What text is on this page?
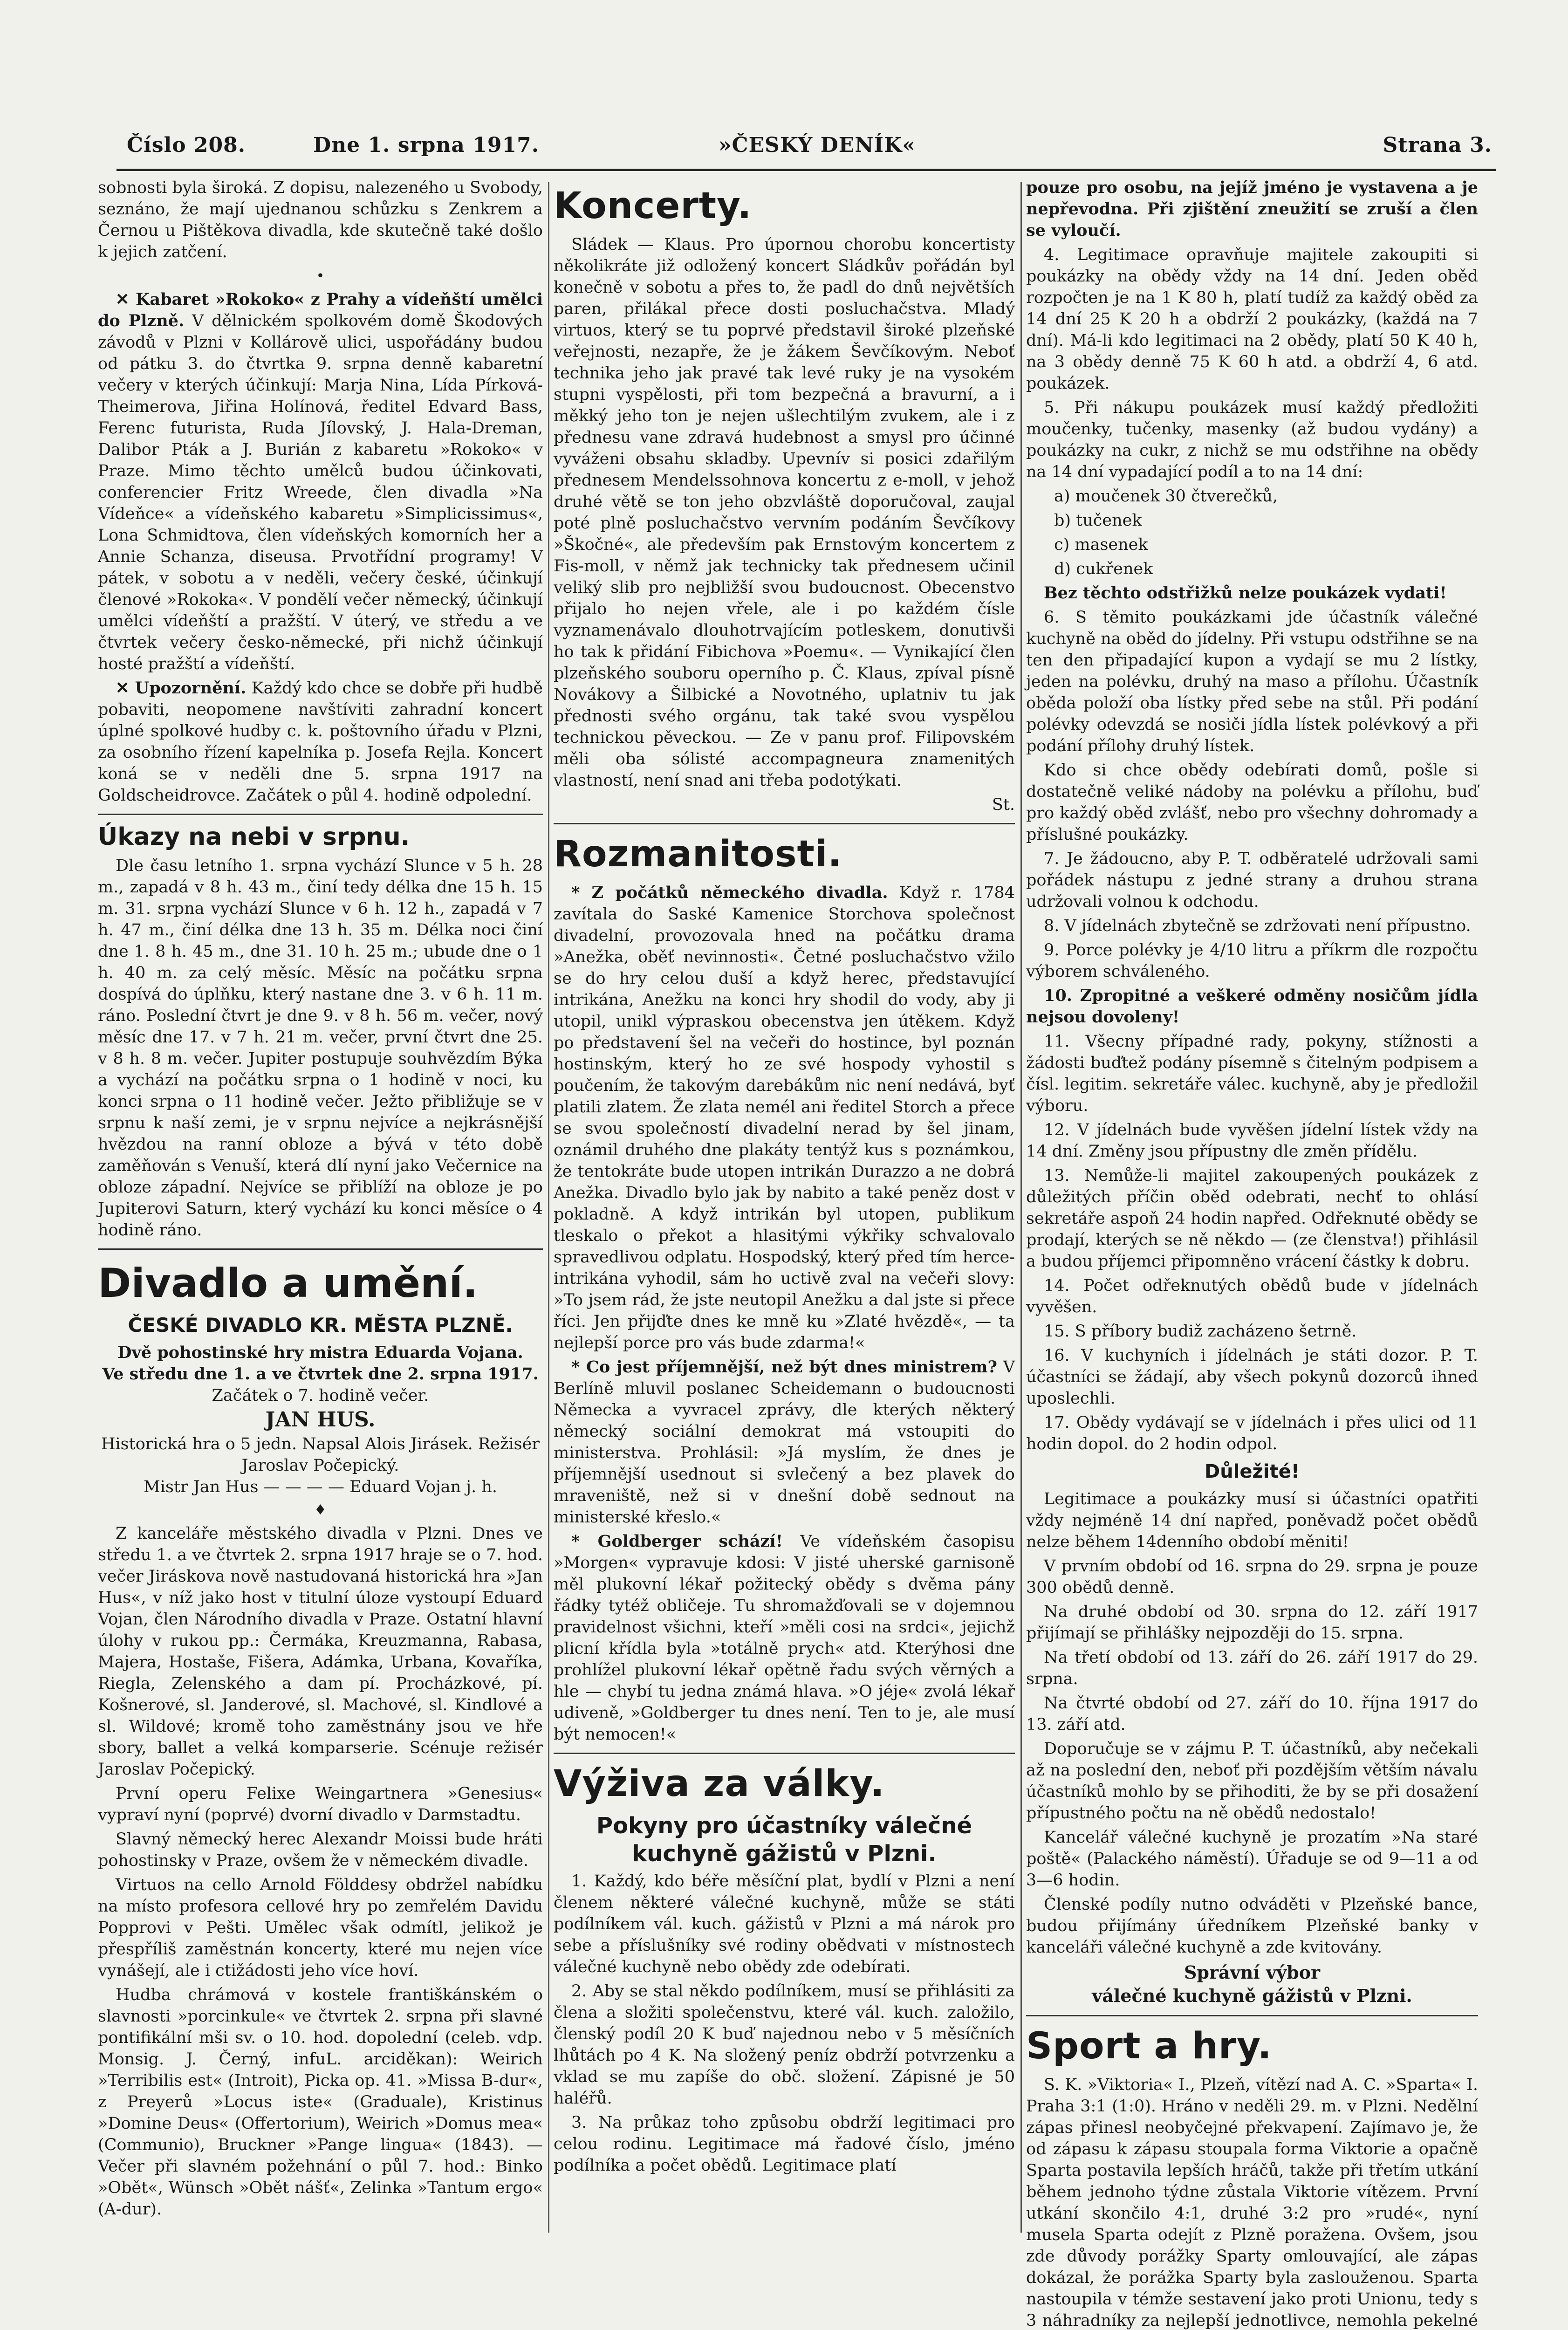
Číslo 208.	Dne 1. srpna 1917.	»ČESKÝ DENÍK«	Strana 3.

sobnosti byla široká. Z dopisu, nalezeného u Svobody, seznáno, že mají ujednanou schůzku s Zenkrem a Černou u Pištěkova divadla, kde skutečně také došlo k jejich zatčení.

•

✕ Kabaret »Rokoko« z Prahy a vídeňští umělci do Plzně. V dělnickém spolkovém domě Škodových závodů v Plzni v Kollárově ulici, uspořádány budou od pátku 3. do čtvrtka 9. srpna denně kabaretní večery v kterých účinkují: Marja Nina, Lída Pírková-Theimerova, Jiřina Holínová, ředitel Edvard Bass, Ferenc futurista, Ruda Jílovský, J. Hala-Dreman, Dalibor Pták a J. Burián z kabaretu »Rokoko« v Praze. Mimo těchto umělců budou účinkovati, conferencier Fritz Wreede, člen divadla »Na Vídeňce« a vídeňského kabaretu »Simplicissimus«, Lona Schmidtova, člen vídeňských komorních her a Annie Schanza, diseusa. Prvotřídní programy! V pátek, v sobotu a v neděli, večery české, účinkují členové »Rokoka«. V pondělí večer německý, účinkují umělci vídeňští a pražští. V úterý, ve středu a ve čtvrtek večery česko-německé, při nichž účinkují hosté pražští a vídeňští.

✕ Upozornění. Každý kdo chce se dobře při hudbě pobaviti, neopomene navštíviti zahradní koncert úplné spolkové hudby c. k. poštovního úřadu v Plzni, za osobního řízení kapelníka p. Josefa Rejla. Koncert koná se v neděli dne 5. srpna 1917 na Goldscheidrovce. Začátek o půl 4. hodině odpolední.

Úkazy na nebi v srpnu.

Dle času letního 1. srpna vychází Slunce v 5 h. 28 m., zapadá v 8 h. 43 m., činí tedy délka dne 15 h. 15 m. 31. srpna vychází Slunce v 6 h. 12 h., zapadá v 7 h. 47 m., činí délka dne 13 h. 35 m. Délka noci činí dne 1. 8 h. 45 m., dne 31. 10 h. 25 m.; ubude dne o 1 h. 40 m. za celý měsíc. Měsíc na počátku srpna dospívá do úplňku, který nastane dne 3. v 6 h. 11 m. ráno. Poslední čtvrt je dne 9. v 8 h. 56 m. večer, nový měsíc dne 17. v 7 h. 21 m. večer, první čtvrt dne 25. v 8 h. 8 m. večer. Jupiter postupuje souhvězdím Býka a vychází na počátku srpna o 1 hodině v noci, ku konci srpna o 11 hodině večer. Ježto přibližuje se v srpnu k naší zemi, je v srpnu nejvíce a nejkrásnější hvězdou na ranní obloze a bývá v této době zaměňován s Venuší, která dlí nyní jako Večernice na obloze západní. Nejvíce se přiblíží na obloze je po Jupiterovi Saturn, který vychází ku konci měsíce o 4 hodině ráno.

Divadlo a umění.
ČESKÉ DIVADLO KR. MĚSTA PLZNĚ.
Dvě pohostinské hry mistra Eduarda Vojana.
Ve středu dne 1. a ve čtvrtek dne 2. srpna 1917.
Začátek o 7. hodině večer.
JAN HUS.
Historická hra o 5 jedn. Napsal Alois Jirásek. Režisér Jaroslav Počepický.
Mistr Jan Hus — — — — Eduard Vojan j. h.
♦

Z kanceláře městského divadla v Plzni. Dnes ve středu 1. a ve čtvrtek 2. srpna 1917 hraje se o 7. hod. večer Jiráskova nově nastudovaná historická hra »Jan Hus«, v níž jako host v titulní úloze vystoupí Eduard Vojan, člen Národního divadla v Praze. Ostatní hlavní úlohy v rukou pp.: Čermáka, Kreuzmanna, Rabasa, Majera, Hostaše, Fišera, Adámka, Urbana, Kovaříka, Riegla, Zelenského a dam pí. Procházkové, pí. Košnerové, sl. Janderové, sl. Machové, sl. Kindlové a sl. Wildové; kromě toho zaměstnány jsou ve hře sbory, ballet a velká komparserie. Scénuje režisér Jaroslav Počepický.

První operu Felixe Weingartnera »Genesius« vypraví nyní (poprvé) dvorní divadlo v Darmstadtu.

Slavný německý herec Alexandr Moissi bude hráti pohostinsky v Praze, ovšem že v německém divadle.

Virtuos na cello Arnold Földdesy obdržel nabídku na místo profesora cellové hry po zemřelém Davidu Popprovi v Pešti. Umělec však odmítl, jelikož je přespříliš zaměstnán koncerty, které mu nejen více vynášejí, ale i ctižádosti jeho více hoví.

Hudba chrámová v kostele františkánském o slavnosti »porcinkule« ve čtvrtek 2. srpna při slavné pontifikální mši sv. o 10. hod. dopolední (celeb. vdp. Monsig. J. Černý, infuL. arciděkan): Weirich »Terribilis est« (Introit), Picka op. 41. »Missa B-dur«, z Preyerů »Locus iste« (Graduale), Kristinus »Domine Deus« (Offertorium), Weirich »Domus mea« (Communio), Bruckner »Pange lingua« (1843). — Večer při slavném požehnání o půl 7. hod.: Binko »Obět«, Wünsch »Obět nášť«, Zelinka »Tantum ergo« (A-dur).

Koncerty.

Sládek — Klaus. Pro úpornou chorobu koncertisty několikráte již odložený koncert Sládkův pořádán byl konečně v sobotu a přes to, že padl do dnů největších paren, přilákal přece dosti posluchačstva. Mladý virtuos, který se tu poprvé představil široké plzeňské veřejnosti, nezapře, že je žákem Ševčíkovým. Neboť technika jeho jak pravé tak levé ruky je na vysokém stupni vyspělosti, při tom bezpečná a bravurní, a i měkký jeho ton je nejen ušlechtilým zvukem, ale i z přednesu vane zdravá hudebnost a smysl pro účinné vyváženi obsahu skladby. Upevnív si posici zdařilým přednesem Mendelssohnova koncertu z e-moll, v jehož druhé větě se ton jeho obzvláště doporučoval, zaujal poté plně posluchačstvo vervním podáním Ševčíkovy »Škočné«, ale především pak Ernstovým koncertem z Fis-moll, v němž jak technicky tak přednesem učinil veliký slib pro nejbližší svou budoucnost. Obecenstvo přijalo ho nejen vřele, ale i po každém čísle vyznamenávalo dlouhotrvajícím potleskem, donutivši ho tak k přidání Fibichova »Poemu«. — Vynikající člen plzeňského souboru operního p. Č. Klaus, zpíval písně Novákovy a Šilbické a Novotného, uplatniv tu jak přednosti svého orgánu, tak také svou vyspělou technickou pěveckou. — Ze v panu prof. Filipovském měli oba sólisté accompagneura znamenitých vlastností, není snad ani třeba podotýkati.

St.
Rozmanitosti.

* Z počátků německého divadla. Když r. 1784 zavítala do Saské Kamenice Storchova společnost divadelní, provozovala hned na počátku drama »Anežka, oběť nevinnosti«. Četné posluchačstvo vžilo se do hry celou duší a když herec, představující intrikána, Anežku na konci hry shodil do vody, aby ji utopil, unikl výpraskou obecenstva jen útěkem. Když po představení šel na večeři do hostince, byl poznán hostinským, který ho ze své hospody vyhostil s poučením, že takovým darebákům nic není nedává, byť platili zlatem. Že zlata nemél ani ředitel Storch a přece se svou společností divadelní nerad by šel jinam, oznámil druhého dne plakáty tentýž kus s poznámkou, že tentokráte bude utopen intrikán Durazzo a ne dobrá Anežka. Divadlo bylo jak by nabito a také peněz dost v pokladně. A když intrikán byl utopen, publikum tleskalo o překot a hlasitými výkřiky schvalovalo spravedlivou odplatu. Hospodský, který před tím herce-intrikána vyhodil, sám ho uctivě zval na večeři slovy: »To jsem rád, že jste neutopil Anežku a dal jste si přece říci. Jen přijďte dnes ke mně ku »Zlaté hvězdě«, — ta nejlepší porce pro vás bude zdarma!«

* Co jest příjemnější, než být dnes ministrem? V Berlíně mluvil poslanec Scheidemann o budoucnosti Německa a vyvracel zprávy, dle kterých některý německý sociální demokrat má vstoupiti do ministerstva. Prohlásil: »Já myslím, že dnes je příjemnější usednout si svlečený a bez plavek do mraveniště, než si v dnešní době sednout na ministerské křeslo.«

* Goldberger schází! Ve vídeňském časopisu »Morgen« vypravuje kdosi: V jisté uherské garnisoně měl plukovní lékař požitecký obědy s dvěma pány řádky tytéž obličeje. Tu shromažďovali se v dojemnou pravidelnost všichni, kteří »měli cosi na srdci«, jejichž plicní křídla byla »totálně prych« atd. Kterýhosi dne prohlížel plukovní lékař opětně řadu svých věrných a hle — chybí tu jedna známá hlava. »O jéje« zvolá lékař udiveně, »Goldberger tu dnes není. Ten to je, ale musí být nemocen!«

Výživa za války.
Pokyny pro účastníky válečné kuchyně gážistů v Plzni.

1. Každý, kdo béře měsíční plat, bydlí v Plzni a není členem některé válečné kuchyně, může se státi podílníkem vál. kuch. gážistů v Plzni a má nárok pro sebe a příslušníky své rodiny obědvati v místnostech válečné kuchyně nebo obědy zde odebírati.

2. Aby se stal někdo podílníkem, musí se přihlásiti za člena a složiti společenstvu, které vál. kuch. založilo, členský podíl 20 K buď najednou nebo v 5 měsíčních lhůtách po 4 K. Na složený peníz obdrží potvrzenku a vklad se mu zapíše do obč. složení. Zápisné je 50 haléřů.

3. Na průkaz toho způsobu obdrží legitimaci pro celou rodinu. Legitimace má řadové číslo, jméno podílníka a počet obědů. Legitimace platí

pouze pro osobu, na jejíž jméno je vystavena a je nepřevodna. Při zjištění zneužití se zruší a člen se vyloučí.

4. Legitimace opravňuje majitele zakoupiti si poukázky na obědy vždy na 14 dní. Jeden oběd rozpočten je na 1 K 80 h, platí tudíž za každý oběd za 14 dní 25 K 20 h a obdrží 2 poukázky, (každá na 7 dní). Má-li kdo legitimaci na 2 obědy, platí 50 K 40 h, na 3 obědy denně 75 K 60 h atd. a obdrží 4, 6 atd. poukázek.

5. Při nákupu poukázek musí každý předložiti moučenky, tučenky, masenky (až budou vydány) a poukázky na cukr, z nichž se mu odstřihne na obědy na 14 dní vypadající podíl a to na 14 dní:

a) moučenek 30 čtverečků,

b) tučenek

c) masenek

d) cukřenek

Bez těchto odstřižků nelze poukázek vydati!

6. S těmito poukázkami jde účastník válečné kuchyně na oběd do jídelny. Při vstupu odstřihne se na ten den připadající kupon a vydají se mu 2 lístky, jeden na polévku, druhý na maso a přílohu. Účastník oběda položí oba lístky před sebe na stůl. Při podání polévky odevzdá se nosiči jídla lístek polévkový a při podání přílohy druhý lístek.

Kdo si chce obědy odebírati domů, pošle si dostatečně veliké nádoby na polévku a přílohu, buď pro každý oběd zvlášť, nebo pro všechny dohromady a příslušné poukázky.

7. Je žádoucno, aby P. T. odběratelé udržovali sami pořádek nástupu z jedné strany a druhou strana udržovali volnou k odchodu.

8. V jídelnách zbytečně se zdržovati není přípustno.

9. Porce polévky je 4/10 litru a příkrm dle rozpočtu výborem schváleného.

10. Zpropitné a veškeré odměny nosičům jídla nejsou dovoleny!

11. Všecny případné rady, pokyny, stížnosti a žádosti buďtež podány písemně s čitelným podpisem a čísl. legitim. sekretáře válec. kuchyně, aby je předložil výboru.

12. V jídelnách bude vyvěšen jídelní lístek vždy na 14 dní. Změny jsou přípustny dle změn přídělu.

13. Nemůže-li majitel zakoupených poukázek z důležitých příčin oběd odebrati, nechť to ohlásí sekretáře aspoň 24 hodin napřed. Odřeknuté obědy se prodají, kterých se ně někdo — (ze členstva!) přihlásil a budou příjemci připomněno vrácení částky k dobru.

14. Počet odřeknutých obědů bude v jídelnách vyvěšen.

15. S příbory budiž zacházeno šetrně.

16. V kuchyních i jídelnách je státi dozor. P. T. účastníci se žádají, aby všech pokynů dozorců ihned uposlechli.

17. Obědy vydávají se v jídelnách i přes ulici od 11 hodin dopol. do 2 hodin odpol.

Důležité!

Legitimace a poukázky musí si účastníci opatřiti vždy nejméně 14 dní napřed, poněvadž počet obědů nelze během 14denního období měniti!

V prvním období od 16. srpna do 29. srpna je pouze 300 obědů denně.

Na druhé období od 30. srpna do 12. září 1917 přijímají se přihlášky nejpozději do 15. srpna.

Na třetí období od 13. září do 26. září 1917 do 29. srpna.

Na čtvrté období od 27. září do 10. října 1917 do 13. září atd.

Doporučuje se v zájmu P. T. účastníků, aby nečekali až na poslední den, neboť při pozdějším větším návalu účastníků mohlo by se přihoditi, že by se při dosažení přípustného počtu na ně obědů nedostalo!

Kancelář válečné kuchyně je prozatím »Na staré poště« (Palackého náměstí). Úřaduje se od 9—11 a od 3—6 hodin.

Členské podíly nutno odváděti v Plzeňské bance, budou přijímány úředníkem Plzeňské banky v kanceláři válečné kuchyně a zde kvitovány.

Správní výbor
válečné kuchyně gážistů v Plzni.
Sport a hry.

S. K. »Viktoria« I., Plzeň, vítězí nad A. C. »Sparta« I. Praha 3:1 (1:0). Hráno v neděli 29. m. v Plzni. Nedělní zápas přinesl neobyčejné překvapení. Zajímavo je, že od zápasu k zápasu stoupala forma Viktorie a opačně Sparta postavila lepších hráčů, takže při třetím utkání během jednoho týdne zůstala Viktorie vítězem. První utkání skončilo 4:1, druhé 3:2 pro »rudé«, nyní musela Sparta odejít z Plzně poražena. Ovšem, jsou zde důvody porážky Sparty omlouvající, ale zápas dokázal, že porážka Sparty byla zaslouženou. Sparta nastoupila v témže sestavení jako proti Unionu, tedy s 3 náhradníky za nejlepší jednotlivce, nemohla pekelné
